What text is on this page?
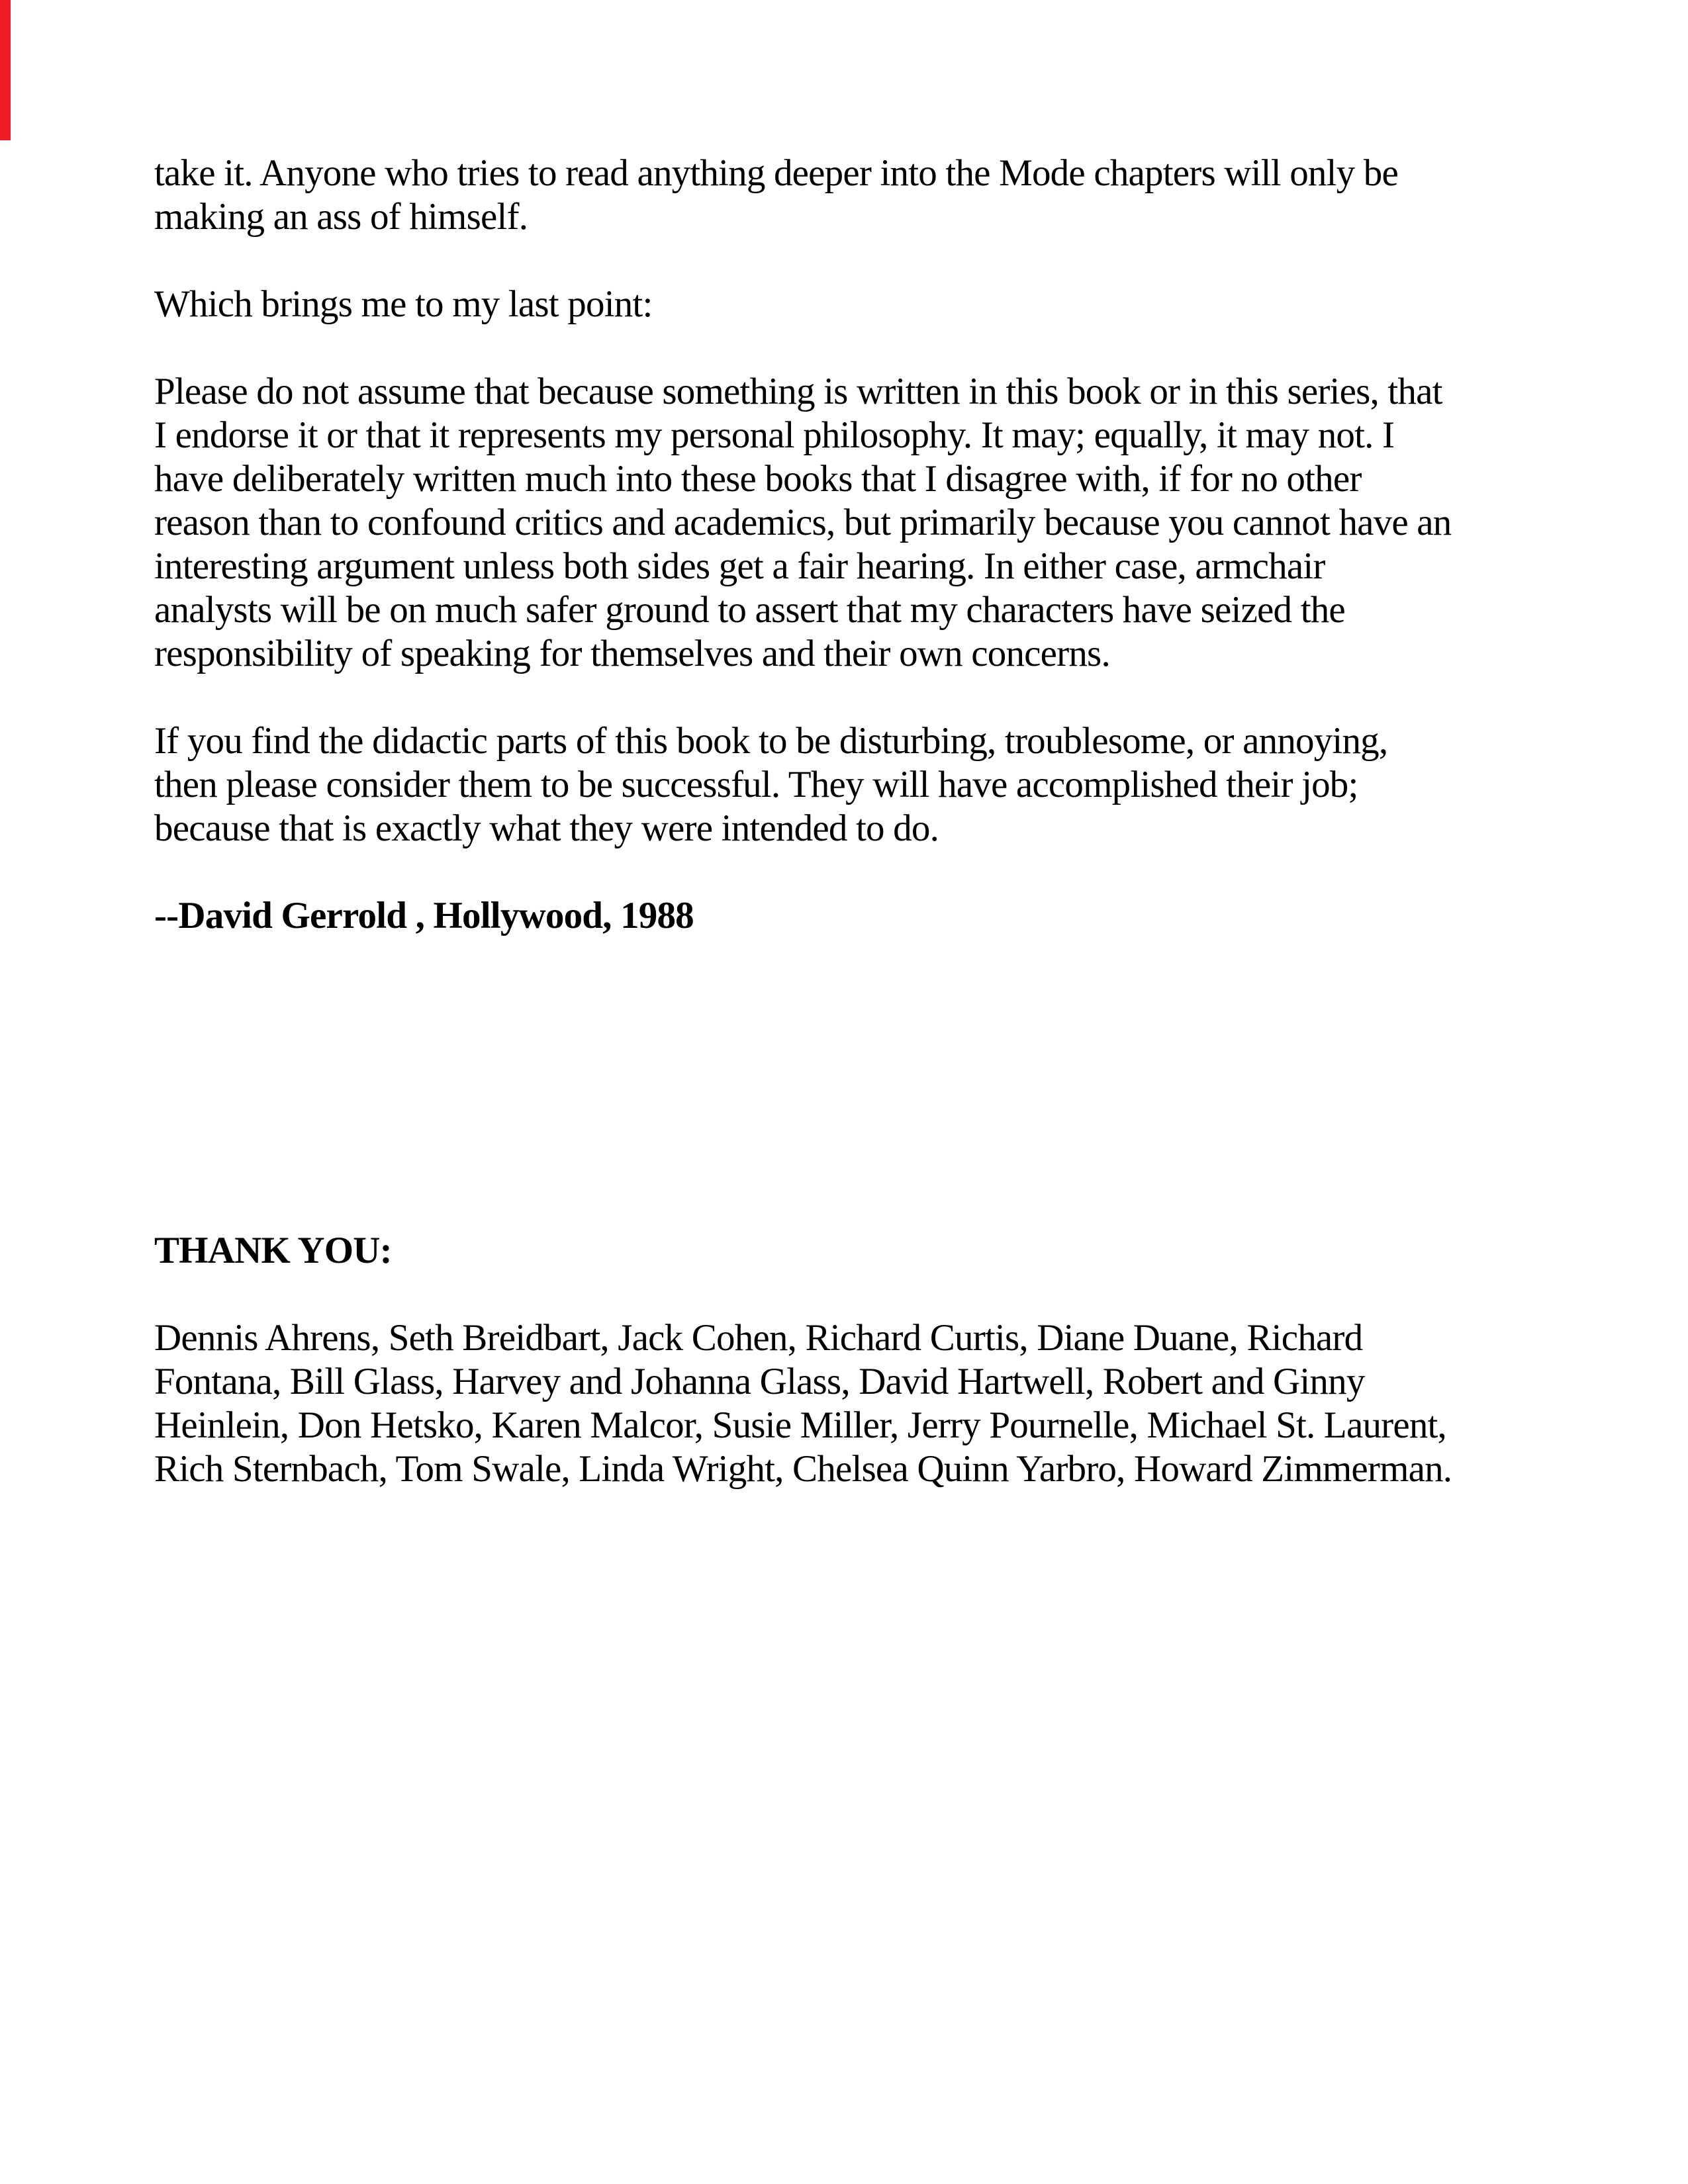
take it. Anyone who tries to read anything deeper into the Mode chapters will only be
making an ass of himself.

Which brings me to my last point:

Please do not assume that because something is written in this book or in this series, that
I endorse it or that it represents my personal philosophy. It may; equally, it may not. I
have deliberately written much into these books that I disagree with, if for no other
reason than to confound critics and academics, but primarily because you cannot have an
interesting argument unless both sides get a fair hearing. In either case, armchair
analysts will be on much safer ground to assert that my characters have seized the
responsibility of speaking for themselves and their own concerns.

If you find the didactic parts of this book to be disturbing, troublesome, or annoying,
then please consider them to be successful. They will have accomplished their job;
because that is exactly what they were intended to do.

--David Gerrold , Hollywood, 1988

THANK YOU:

Dennis Ahrens, Seth Breidbart, Jack Cohen, Richard Curtis, Diane Duane, Richard
Fontana, Bill Glass, Harvey and Johanna Glass, David Hartwell, Robert and Ginny
Heinlein, Don Hetsko, Karen Malcor, Susie Miller, Jerry Pournelle, Michael St. Laurent,
Rich Sternbach, Tom Swale, Linda Wright, Chelsea Quinn Yarbro, Howard Zimmerman.
